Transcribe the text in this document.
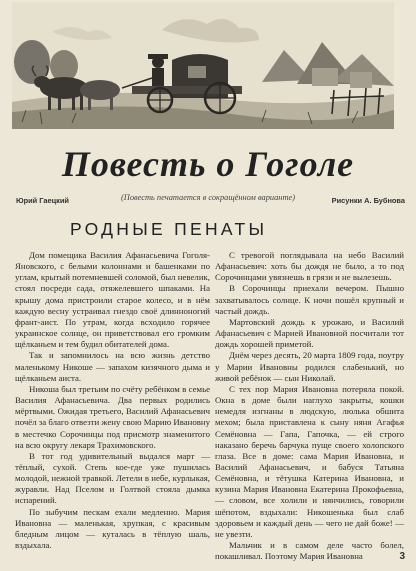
Повесть о Гоголе
Юрий Гаецкий	(Повесть печатается в сокращённом варианте)	Рисунки А. Бубнова
РОДНЫЕ ПЕНАТЫ

Дом помещика Василия Афанасьевича Гоголя-Яновского, с белыми колоннами и башенками по углам, крытый потемневшей соломой, был невелик, стоял посреди сада, отяжелевшего шпаками. На крышу дома пристроили старое колесо, и в нём каждую весну устраивал гнездо своё длинноногий франт-аист. По утрам, когда всходило горячее украинское солнце, он приветствовал его громким щёлканьем и тем будил обитателей дома.

Так и запомнилось на всю жизнь детство маленькому Никоше — запахом кизячного дыма и щёлканьем аиста.

Никоша был третьим по счёту ребёнком в семье Василия Афанасьевича. Два первых родились мёртвыми. Ожидая третьего, Василий Афанасьевич почёл за благо отвезти жену свою Марию Ивановну в местечко Сорочинцы под присмотр знаменитого на всю округу лекаря Трахимовского.

В тот год удивительный выдался март — тёплый, сухой. Степь кое-где уже пушилась молодой, нежной травкой. Летели в небе, курлыкая, журавли. Над Пселом и Голтвой стояла дымка испарений.

По зыбучим пескам ехали медленно. Мария Ивановна — маленькая, хрупкая, с красивым бледным лицом — куталась в тёплую шаль, вздыхала.

С тревогой поглядывала на небо Василий Афанасьевич: хоть бы дождя не было, а то под Сорочинцами увязнешь в грязи и не вылезешь.

В Сорочинцы приехали вечером. Пышно захватывалось солнце. К ночи пошёл крупный и частый дождь.

Мартовский дождь к урожаю, и Василий Афанасьевич с Марией Ивановной посчитали тот дождь хорошей приметой.

Днём через десять, 20 марта 1809 года, поутру у Марии Ивановны родился слабенький, но живой ребёнок — сын Николай.

С тех пор Мария Ивановна потеряла покой. Окна в доме были наглухо закрыты, кошки немедля изгнаны в людскую, люлька обшита мехом; была приставлена к сыну няня Агафья Семёновна — Гапа, Гапочка, — ей строго наказано беречь барчука пуще своего холопского глаза. Все в доме: сама Мария Ивановна, и Василий Афанасьевич, и бабуся Татьяна Семёновна, и тётушка Катерина Ивановна, и кузина Мария Ивановна Екатерина Прокофьевна, — словом, все холили и нянчились, говорили шёпотом, вздыхали: Никошенька был слаб здоровьем и каждый день — чего не дай боже! — не увезти.

Мальчик и в самом деле часто болел, покашливал. Поэтому Мария Ивановна	3
